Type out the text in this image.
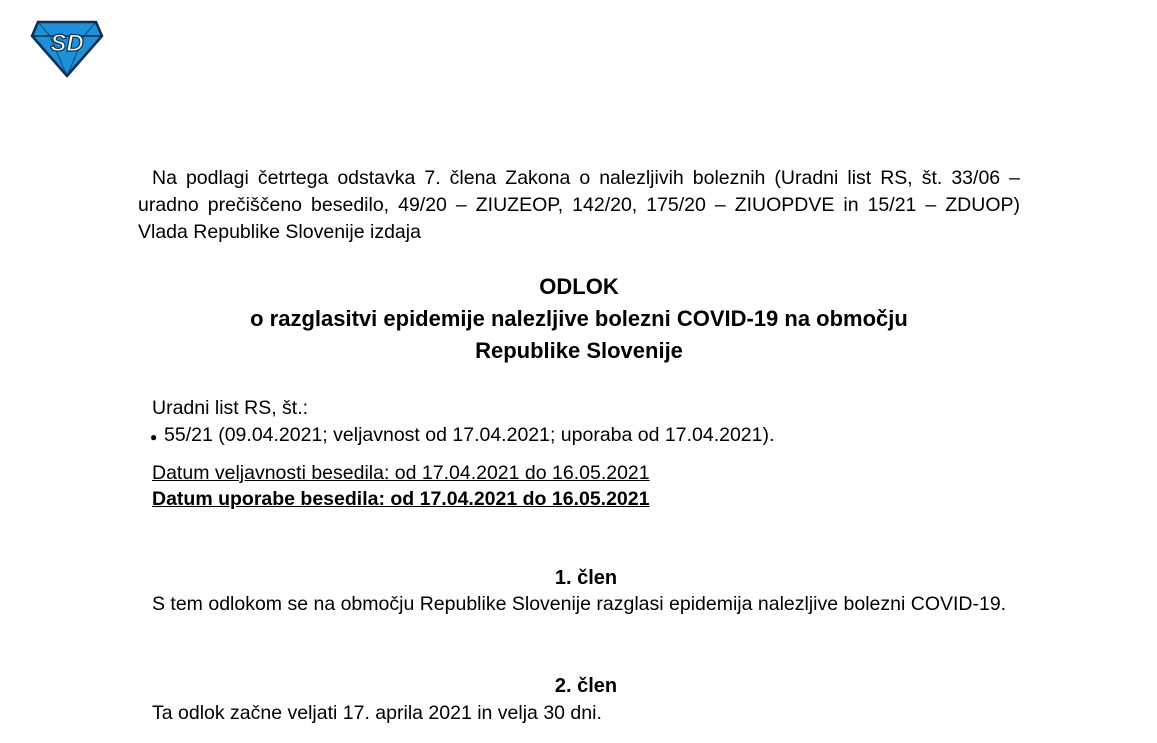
SD
Na podlagi četrtega odstavka 7. člena Zakona o nalezljivih boleznih (Uradni list RS, št. 33/06 – uradno prečiščeno besedilo, 49/20 – ZIUZEOP, 142/20, 175/20 – ZIUOPDVE in 15/21 – ZDUOP) Vlada Republike Slovenije izdaja
ODLOK
o razglasitvi epidemije nalezljive bolezni COVID-19 na območju
Republike Slovenije
Uradni list RS, št.:
● 55/21 (09.04.2021; veljavnost od 17.04.2021; uporaba od 17.04.2021).
Datum veljavnosti besedila: od 17.04.2021 do 16.05.2021
Datum uporabe besedila: od 17.04.2021 do 16.05.2021
1. člen
S tem odlokom se na območju Republike Slovenije razglasi epidemija nalezljive bolezni COVID-19.
2. člen
Ta odlok začne veljati 17. aprila 2021 in velja 30 dni.
